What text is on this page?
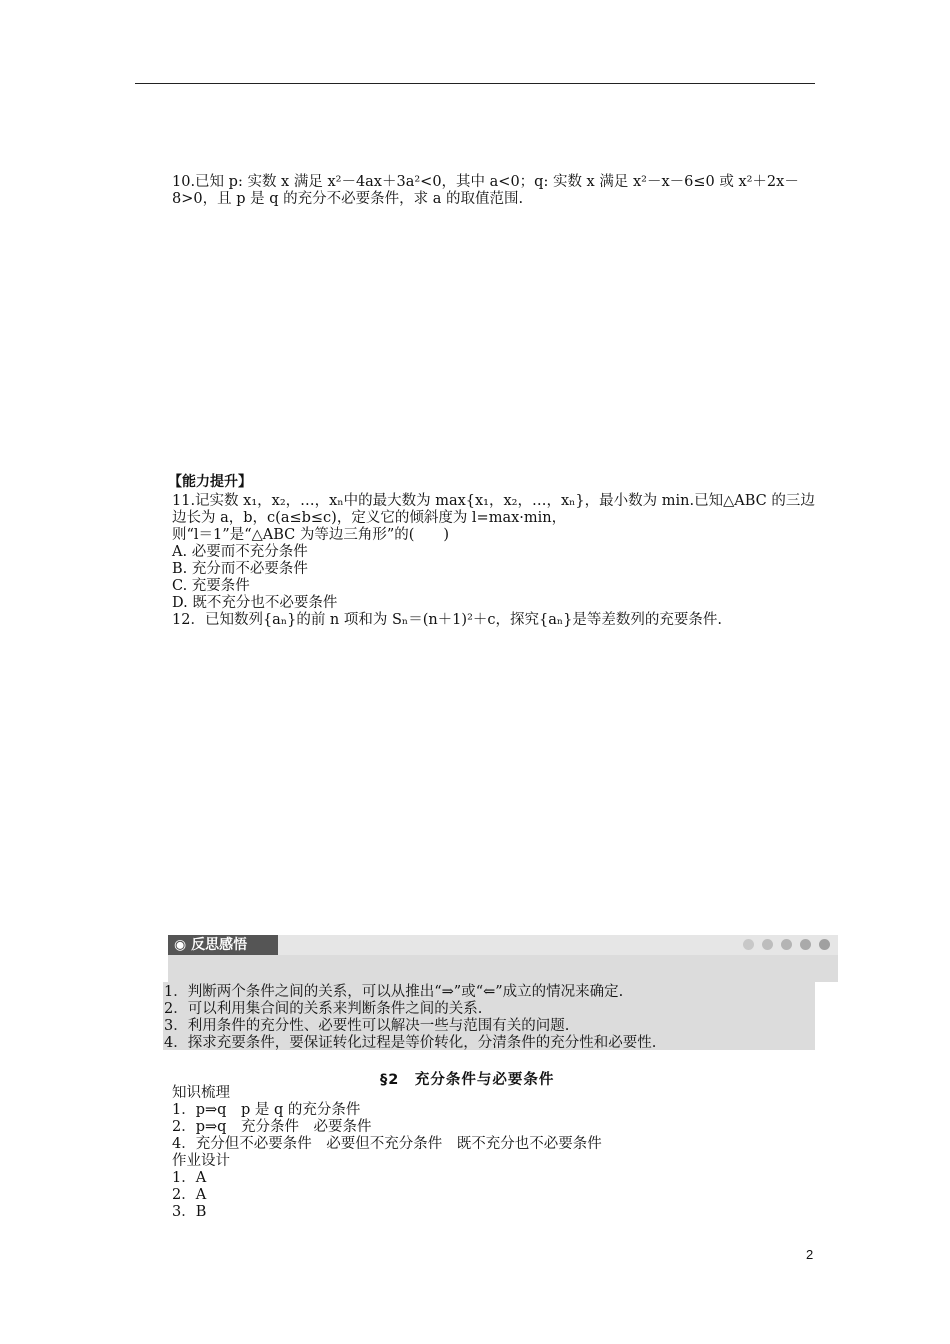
10.已知 p: 实数 x 满足 x²－4ax＋3a²<0，其中 a<0；q: 实数 x 满足 x²－x－6≤0 或 x²＋2x－
8>0，且 p 是 q 的充分不必要条件，求 a 的取值范围.
【能力提升】
11.记实数 x₁，x₂，…，xₙ中的最大数为 max{x₁，x₂，…，xₙ}，最小数为 min.已知△ABC 的三边
边长为 a，b，c(a≤b≤c)，定义它的倾斜度为 l=max·min，
则“l＝1”是“△ABC 为等边三角形”的(　　)
A. 必要而不充分条件
B. 充分而不必要条件
C. 充要条件
D. 既不充分也不必要条件
12．已知数列{aₙ}的前 n 项和为 Sₙ＝(n＋1)²＋c，探究{aₙ}是等差数列的充要条件.
◉ 反思感悟
1．判断两个条件之间的关系，可以从推出“⇒”或“⇐”成立的情况来确定.
2．可以利用集合间的关系来判断条件之间的关系.
3．利用条件的充分性、必要性可以解决一些与范围有关的问题.
4．探求充要条件，要保证转化过程是等价转化，分清条件的充分性和必要性.
§2　充分条件与必要条件
知识梳理
1．p⇒q　p 是 q 的充分条件
2．p⇒q　充分条件　必要条件
4．充分但不必要条件　必要但不充分条件　既不充分也不必要条件
作业设计
1．A
2．A
3．B
2
